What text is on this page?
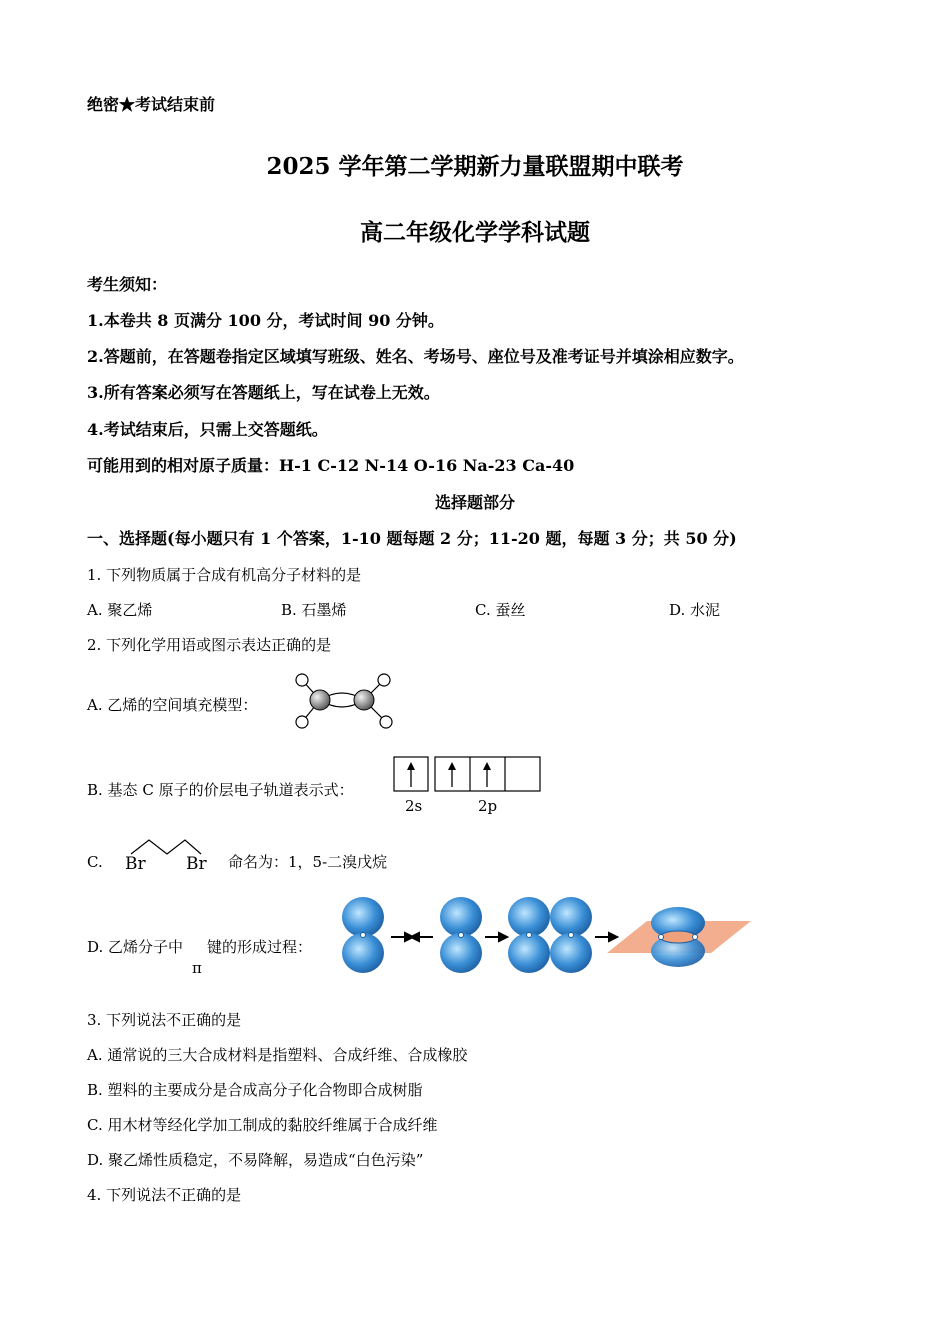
绝密★考试结束前
2025 学年第二学期新力量联盟期中联考
高二年级化学学科试题
考生须知：
1.本卷共 8 页满分 100 分，考试时间 90 分钟。
2.答题前，在答题卷指定区域填写班级、姓名、考场号、座位号及准考证号并填涂相应数字。
3.所有答案必须写在答题纸上，写在试卷上无效。
4.考试结束后，只需上交答题纸。
可能用到的相对原子质量：H-1 C-12 N-14 O-16 Na-23 Ca-40
选择题部分
一、选择题(每小题只有 1 个答案，1-10 题每题 2 分；11-20 题，每题 3 分；共 50 分)
1. 下列物质属于合成有机高分子材料的是
A. 聚乙烯	B. 石墨烯	C. 蚕丝	D. 水泥
2. 下列化学用语或图示表达正确的是
A. 乙烯的空间填充模型：
B. 基态 C 原子的价层电子轨道表示式：
2s	2p
C. Br Br 命名为：1，5-二溴戊烷
D. 乙烯分子中
π
键的形成过程：
3. 下列说法不正确的是
A. 通常说的三大合成材料是指塑料、合成纤维、合成橡胶
B. 塑料的主要成分是合成高分子化合物即合成树脂
C. 用木材等经化学加工制成的黏胶纤维属于合成纤维
D. 聚乙烯性质稳定，不易降解，易造成“白色污染”
4. 下列说法不正确的是
